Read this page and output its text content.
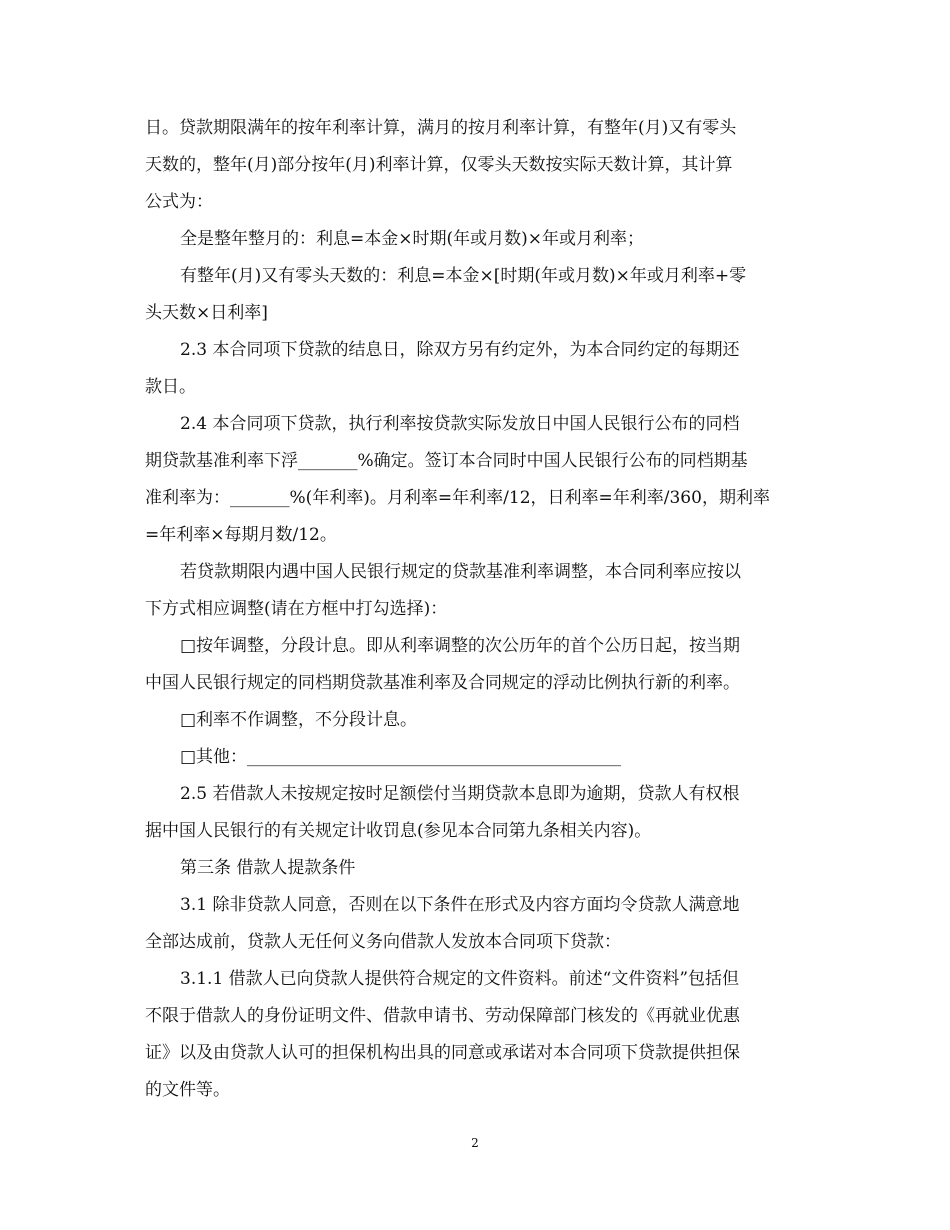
日。贷款期限满年的按年利率计算，满月的按月利率计算，有整年(月)又有零头
天数的，整年(月)部分按年(月)利率计算，仅零头天数按实际天数计算，其计算
公式为：
全是整年整月的：利息=本金×时期(年或月数)×年或月利率；
有整年(月)又有零头天数的：利息=本金×[时期(年或月数)×年或月利率+零
头天数×日利率]
2.3 本合同项下贷款的结息日，除双方另有约定外，为本合同约定的每期还
款日。
2.4 本合同项下贷款，执行利率按贷款实际发放日中国人民银行公布的同档
期贷款基准利率下浮_______%确定。签订本合同时中国人民银行公布的同档期基
准利率为：_______%(年利率)。月利率=年利率/12，日利率=年利率/360，期利率
=年利率×每期月数/12。
若贷款期限内遇中国人民银行规定的贷款基准利率调整，本合同利率应按以
下方式相应调整(请在方框中打勾选择)：
□按年调整，分段计息。即从利率调整的次公历年的首个公历日起，按当期
中国人民银行规定的同档期贷款基准利率及合同规定的浮动比例执行新的利率。
□利率不作调整，不分段计息。
□其他：____________________________________________
2.5 若借款人未按规定按时足额偿付当期贷款本息即为逾期，贷款人有权根
据中国人民银行的有关规定计收罚息(参见本合同第九条相关内容)。
第三条 借款人提款条件
3.1 除非贷款人同意，否则在以下条件在形式及内容方面均令贷款人满意地
全部达成前，贷款人无任何义务向借款人发放本合同项下贷款：
3.1.1 借款人已向贷款人提供符合规定的文件资料。前述“文件资料”包括但
不限于借款人的身份证明文件、借款申请书、劳动保障部门核发的《再就业优惠
证》以及由贷款人认可的担保机构出具的同意或承诺对本合同项下贷款提供担保
的文件等。
2
